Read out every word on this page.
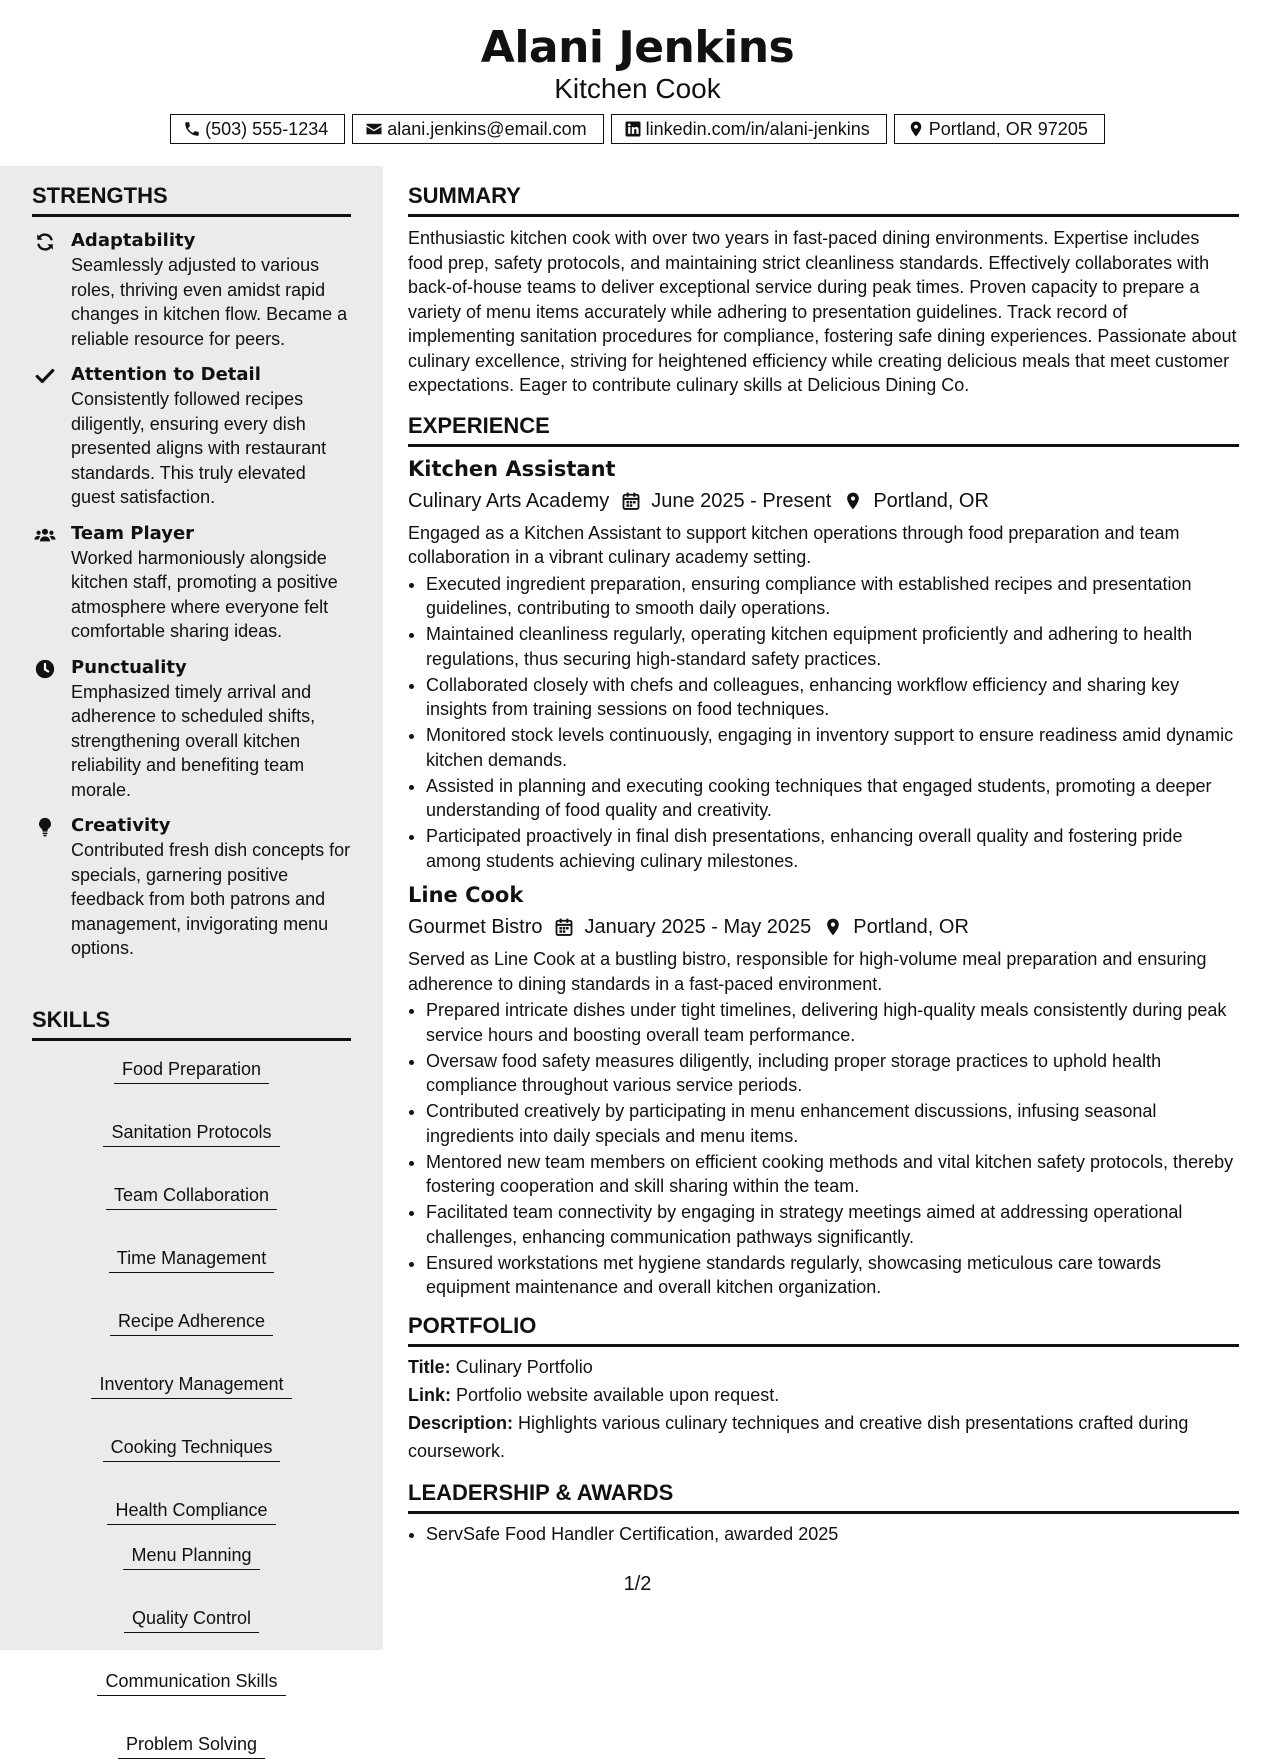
Alani Jenkins
Kitchen Cook
(503) 555-1234	alani.jenkins@email.com	linkedin.com/in/alani-jenkins	Portland, OR 97205
STRENGTHS
Adaptability
Seamlessly adjusted to various roles, thriving even amidst rapid changes in kitchen flow. Became a reliable resource for peers.
Attention to Detail
Consistently followed recipes diligently, ensuring every dish presented aligns with restaurant standards. This truly elevated guest satisfaction.
Team Player
Worked harmoniously alongside kitchen staff, promoting a positive atmosphere where everyone felt comfortable sharing ideas.
Punctuality
Emphasized timely arrival and adherence to scheduled shifts, strengthening overall kitchen reliability and benefiting team morale.
Creativity
Contributed fresh dish concepts for specials, garnering positive feedback from both patrons and management, invigorating menu options.
SKILLS
Food Preparation
Sanitation Protocols
Team Collaboration
Time Management
Recipe Adherence
Inventory Management
Cooking Techniques
Health Compliance
Menu Planning
Quality Control
Communication Skills
Problem Solving
SUMMARY
Enthusiastic kitchen cook with over two years in fast-paced dining environments. Expertise includes food prep, safety protocols, and maintaining strict cleanliness standards. Effectively collaborates with back-of-house teams to deliver exceptional service during peak times. Proven capacity to prepare a variety of menu items accurately while adhering to presentation guidelines. Track record of implementing sanitation procedures for compliance, fostering safe dining experiences. Passionate about culinary excellence, striving for heightened efficiency while creating delicious meals that meet customer expectations. Eager to contribute culinary skills at Delicious Dining Co.
EXPERIENCE
Kitchen Assistant
Culinary Arts Academy June 2025 - Present Portland, OR
Engaged as a Kitchen Assistant to support kitchen operations through food preparation and team collaboration in a vibrant culinary academy setting.
• Executed ingredient preparation, ensuring compliance with established recipes and presentation guidelines, contributing to smooth daily operations.
• Maintained cleanliness regularly, operating kitchen equipment proficiently and adhering to health regulations, thus securing high-standard safety practices.
• Collaborated closely with chefs and colleagues, enhancing workflow efficiency and sharing key insights from training sessions on food techniques.
• Monitored stock levels continuously, engaging in inventory support to ensure readiness amid dynamic kitchen demands.
• Assisted in planning and executing cooking techniques that engaged students, promoting a deeper understanding of food quality and creativity.
• Participated proactively in final dish presentations, enhancing overall quality and fostering pride among students achieving culinary milestones.
Line Cook
Gourmet Bistro January 2025 - May 2025 Portland, OR
Served as Line Cook at a bustling bistro, responsible for high-volume meal preparation and ensuring adherence to dining standards in a fast-paced environment.
• Prepared intricate dishes under tight timelines, delivering high-quality meals consistently during peak service hours and boosting overall team performance.
• Oversaw food safety measures diligently, including proper storage practices to uphold health compliance throughout various service periods.
• Contributed creatively by participating in menu enhancement discussions, infusing seasonal ingredients into daily specials and menu items.
• Mentored new team members on efficient cooking methods and vital kitchen safety protocols, thereby fostering cooperation and skill sharing within the team.
• Facilitated team connectivity by engaging in strategy meetings aimed at addressing operational challenges, enhancing communication pathways significantly.
• Ensured workstations met hygiene standards regularly, showcasing meticulous care towards equipment maintenance and overall kitchen organization.
PORTFOLIO
Title: Culinary Portfolio
Link: Portfolio website available upon request.
Description: Highlights various culinary techniques and creative dish presentations crafted during coursework.
LEADERSHIP & AWARDS
• ServSafe Food Handler Certification, awarded 2025
1/2
